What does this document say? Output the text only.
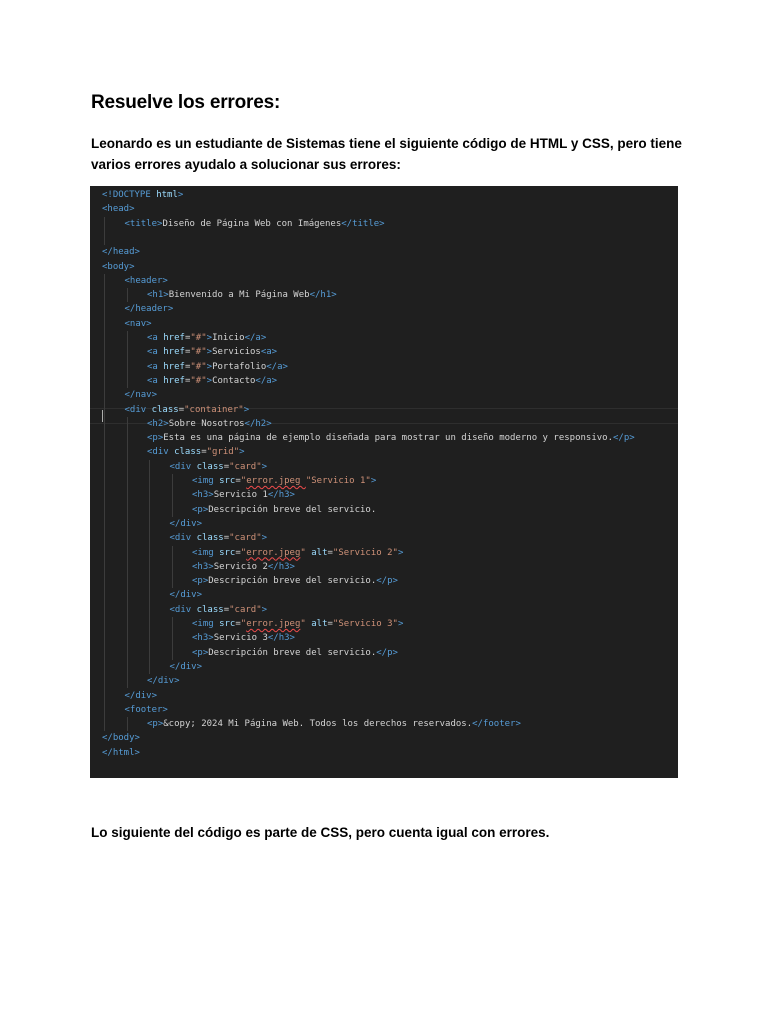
Resuelve los errores:

Leonardo es un estudiante de Sistemas tiene el siguiente código de HTML y CSS, pero tiene varios errores ayudalo a solucionar sus errores:

<!DOCTYPE html>
<head>
<title>Diseño de Página Web con Imágenes</title>
</head>
<body>
<header>
<h1>Bienvenido a Mi Página Web</h1>
</header>
<nav>
<a href="#">Inicio</a>
<a href="#">Servicios<a>
<a href="#">Portafolio</a>
<a href="#">Contacto</a>
</nav>
<div class="container">
<h2>Sobre Nosotros</h2>
<p>Esta es una página de ejemplo diseñada para mostrar un diseño moderno y responsivo.</p>
<div class="grid">
<div class="card">
<img src="error.jpeg "Servicio 1">
<h3>Servicio 1</h3>
<p>Descripción breve del servicio.
</div>
<div class="card">
<img src="error.jpeg" alt="Servicio 2">
<h3>Servicio 2</h3>
<p>Descripción breve del servicio.</p>
</div>
<div class="card">
<img src="error.jpeg" alt="Servicio 3">
<h3>Servicio 3</h3>
<p>Descripción breve del servicio.</p>
</div>
</div>
</div>
<footer>
<p>&copy; 2024 Mi Página Web. Todos los derechos reservados.</footer>
</body>
</html>

Lo siguiente del código es parte de CSS, pero cuenta igual con errores.
